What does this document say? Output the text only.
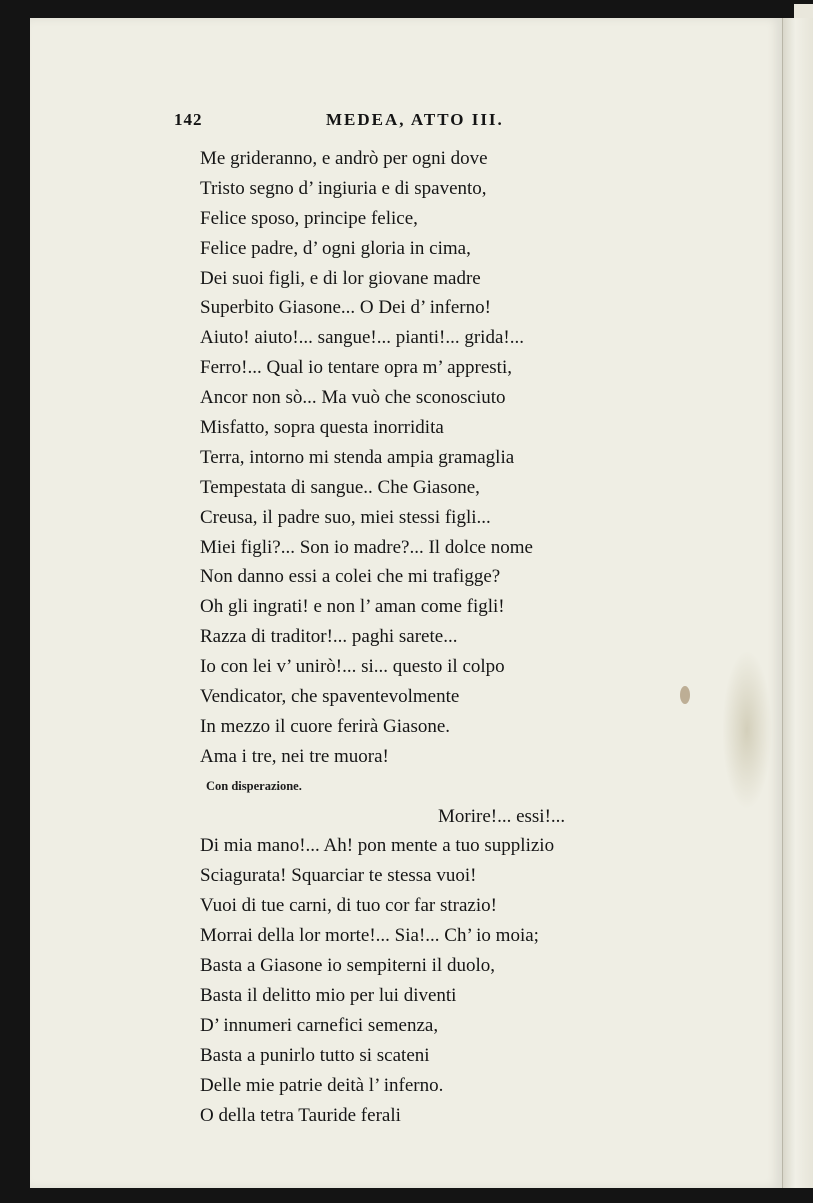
142	MEDEA, ATTO III.
Me grideranno, e andrò per ogni dove
Tristo segno d’ ingiuria e di spavento,
Felice sposo, principe felice,
Felice padre, d’ ogni gloria in cima,
Dei suoi figli, e di lor giovane madre
Superbito Giasone... O Dei d’ inferno!
Aiuto! aiuto!... sangue!... pianti!... grida!...
Ferro!... Qual io tentare opra m’ appresti,
Ancor non sò... Ma vuò che sconosciuto
Misfatto, sopra questa inorridita
Terra, intorno mi stenda ampia gramaglia
Tempestata di sangue.. Che Giasone,
Creusa, il padre suo, miei stessi figli...
Miei figli?... Son io madre?... Il dolce nome
Non danno essi a colei che mi trafigge?
Oh gli ingrati! e non l’ aman come figli!
Razza di traditor!... paghi sarete...
Io con lei v’ unirò!... si... questo il colpo
Vendicator, che spaventevolmente
In mezzo il cuore ferirà Giasone.
Ama i tre, nei tre muora!
Con disperazione.
Morire!... essi!...
Di mia mano!... Ah! pon mente a tuo supplizio
Sciagurata! Squarciar te stessa vuoi!
Vuoi di tue carni, di tuo cor far strazio!
Morrai della lor morte!... Sia!... Ch’ io moia;
Basta a Giasone io sempiterni il duolo,
Basta il delitto mio per lui diventi
D’ innumeri carnefici semenza,
Basta a punirlo tutto si scateni
Delle mie patrie deità l’ inferno.
O della tetra Tauride ferali
